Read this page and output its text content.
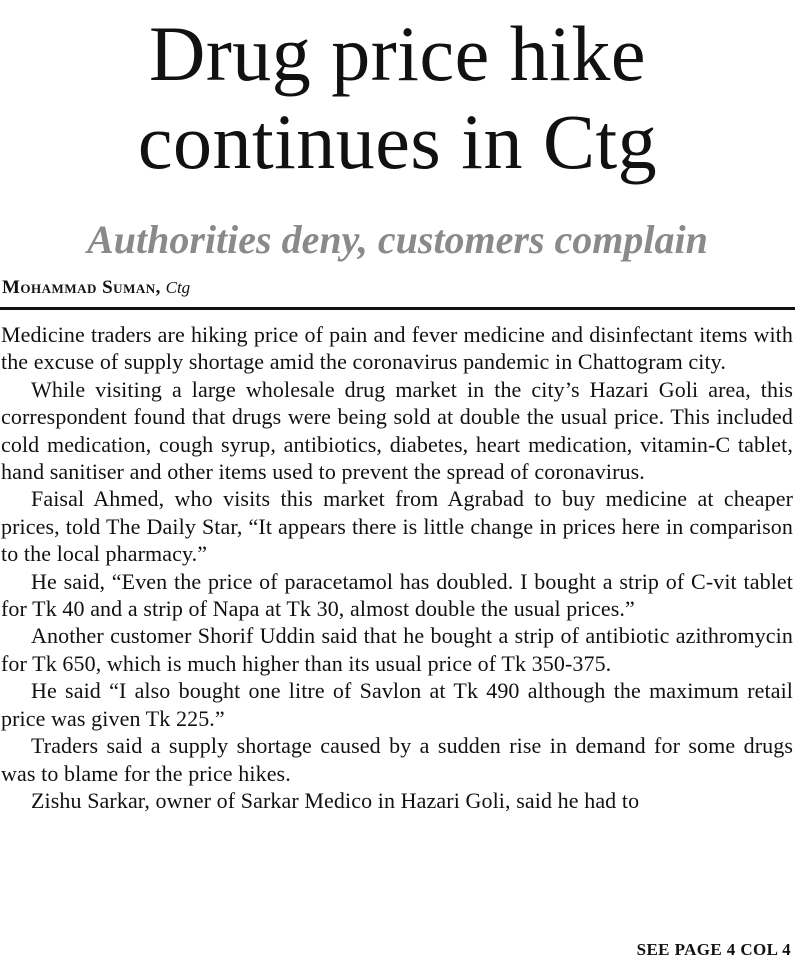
Drug price hike
continues in Ctg
Authorities deny, customers complain
Mohammad Suman, Ctg

Medicine traders are hiking price of pain and fever medicine and disinfectant items with the excuse of supply shortage amid the coronavirus pandemic in Chattogram city.

While visiting a large wholesale drug market in the city’s Hazari Goli area, this correspondent found that drugs were being sold at double the usual price. This included cold medication, cough syrup, antibiotics, diabetes, heart medication, vitamin-C tablet, hand sanitiser and other items used to prevent the spread of coronavirus.

Faisal Ahmed, who visits this market from Agrabad to buy medicine at cheaper prices, told The Daily Star, “It appears there is little change in prices here in comparison to the local pharmacy.”

He said, “Even the price of paracetamol has doubled. I bought a strip of C-vit tablet for Tk 40 and a strip of Napa at Tk 30, almost double the usual prices.”

Another customer Shorif Uddin said that he bought a strip of antibiotic azithromycin for Tk 650, which is much higher than its usual price of Tk 350-375.

He said “I also bought one litre of Savlon at Tk 490 although the maximum retail price was given Tk 225.”

Traders said a supply shortage caused by a sudden rise in demand for some drugs was to blame for the price hikes.

Zishu Sarkar, owner of Sarkar Medico in Hazari Goli, said he had to

SEE PAGE 4 COL 4
